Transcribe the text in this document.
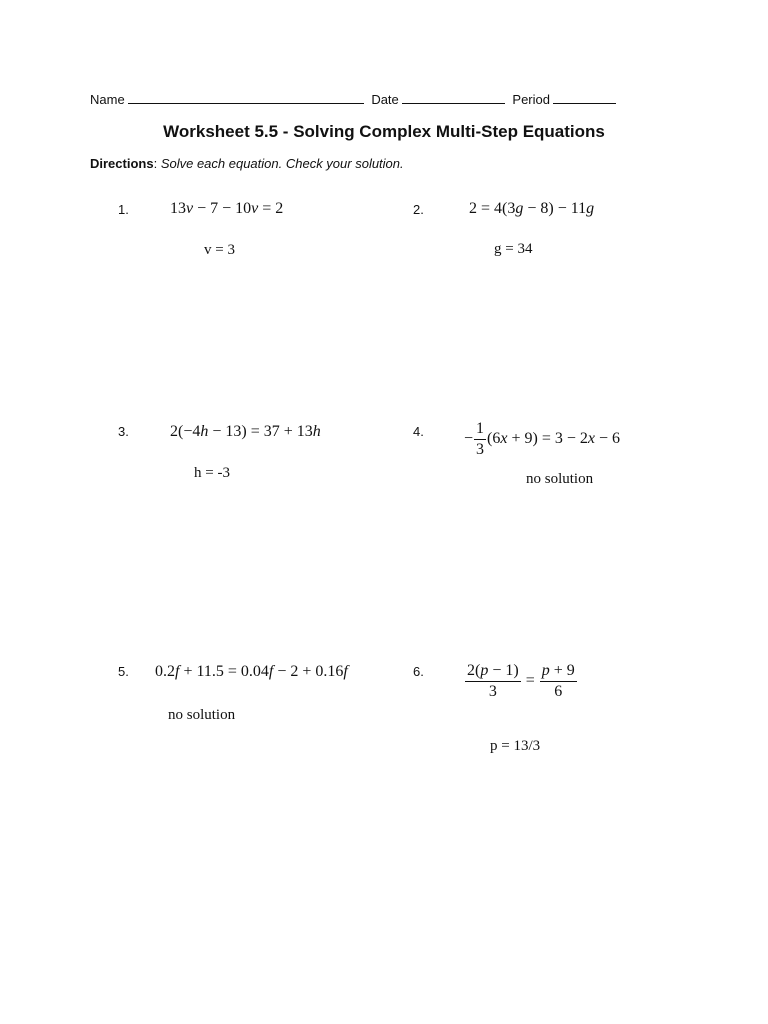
Name	Date	Period
Worksheet 5.5 - Solving Complex Multi-Step Equations
Directions: Solve each equation. Check your solution.
1.	13v − 7 − 10v = 2
v = 3
2.	2 = 4(3g − 8) − 11g
g = 34
3.	2(−4h − 13) = 37 + 13h
h = -3
4.	− $\frac{1}{3} (6x + 9) = 3 - 2x - 6$
no solution
5. 0.2f + 11.5 = 0.04f − 2 + 0.16f
no solution
6.	$\frac{2(p - 1)}{3} = \frac{p + 9}{6}$
p = 13/3
